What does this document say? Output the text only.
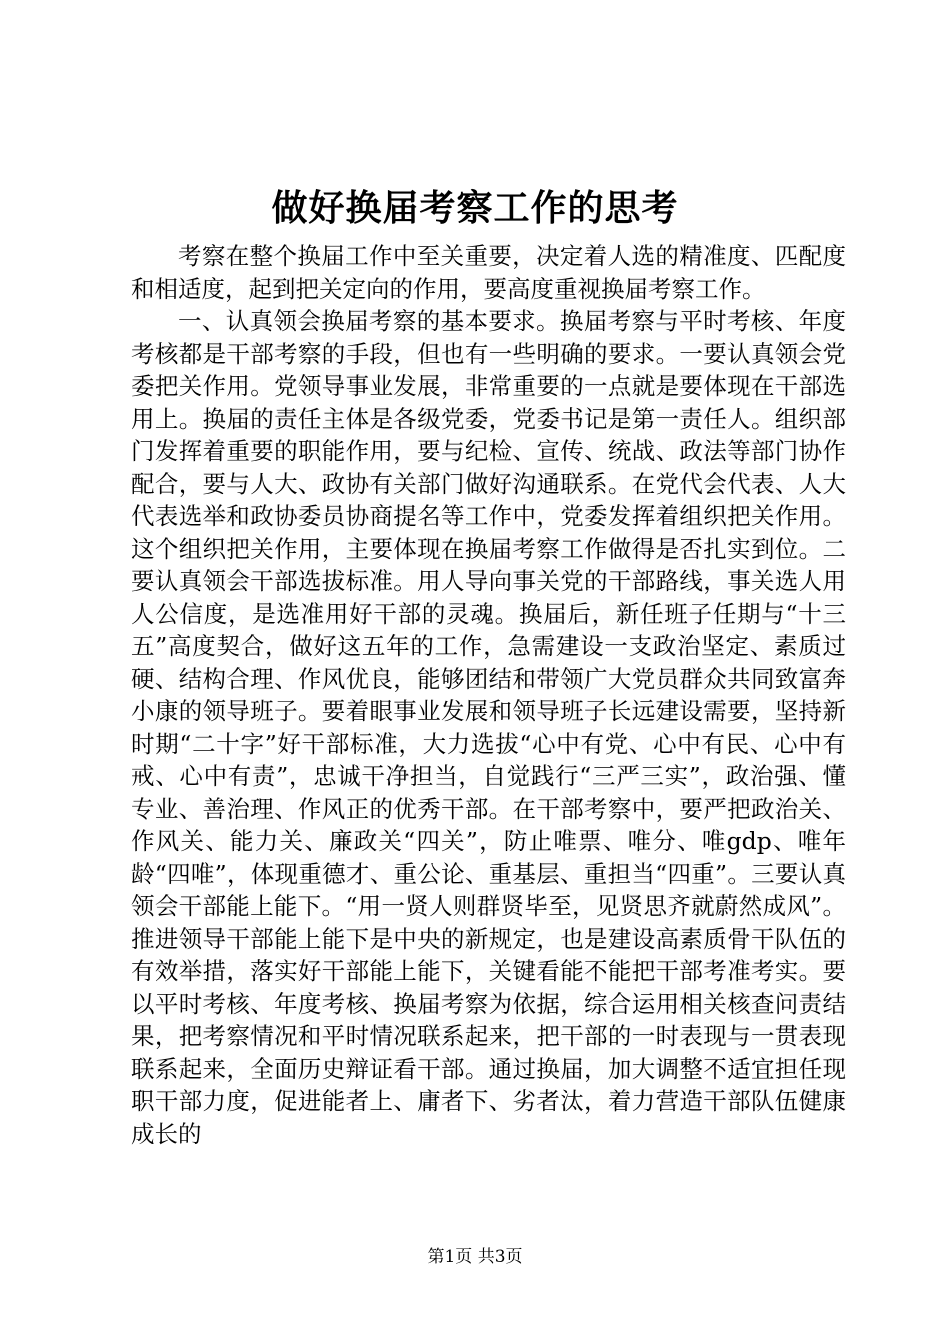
做好换届考察工作的思考

考察在整个换届工作中至关重要，决定着人选的精准度、匹配度和相适度，起到把关定向的作用，要高度重视换届考察工作。

一、认真领会换届考察的基本要求。换届考察与平时考核、年度考核都是干部考察的手段，但也有一些明确的要求。一要认真领会党委把关作用。党领导事业发展，非常重要的一点就是要体现在干部选用上。换届的责任主体是各级党委，党委书记是第一责任人。组织部门发挥着重要的职能作用，要与纪检、宣传、统战、政法等部门协作配合，要与人大、政协有关部门做好沟通联系。在党代会代表、人大代表选举和政协委员协商提名等工作中，党委发挥着组织把关作用。这个组织把关作用，主要体现在换届考察工作做得是否扎实到位。二要认真领会干部选拔标准。用人导向事关党的干部路线，事关选人用人公信度，是选准用好干部的灵魂。换届后，新任班子任期与“十三五”高度契合，做好这五年的工作，急需建设一支政治坚定、素质过硬、结构合理、作风优良，能够团结和带领广大党员群众共同致富奔小康的领导班子。要着眼事业发展和领导班子长远建设需要，坚持新时期“二十字”好干部标准，大力选拔“心中有党、心中有民、心中有戒、心中有责”，忠诚干净担当，自觉践行“三严三实”，政治强、懂专业、善治理、作风正的优秀干部。在干部考察中，要严把政治关、作风关、能力关、廉政关“四关”，防止唯票、唯分、唯gdp、唯年龄“四唯”，体现重德才、重公论、重基层、重担当“四重”。三要认真领会干部能上能下。“用一贤人则群贤毕至，见贤思齐就蔚然成风”。推进领导干部能上能下是中央的新规定，也是建设高素质骨干队伍的有效举措，落实好干部能上能下，关键看能不能把干部考准考实。要以平时考核、年度考核、换届考察为依据，综合运用相关核查问责结果，把考察情况和平时情况联系起来，把干部的一时表现与一贯表现联系起来，全面历史辩证看干部。通过换届，加大调整不适宜担任现职干部力度，促进能者上、庸者下、劣者汰，着力营造干部队伍健康成长的

第1页 共3页
